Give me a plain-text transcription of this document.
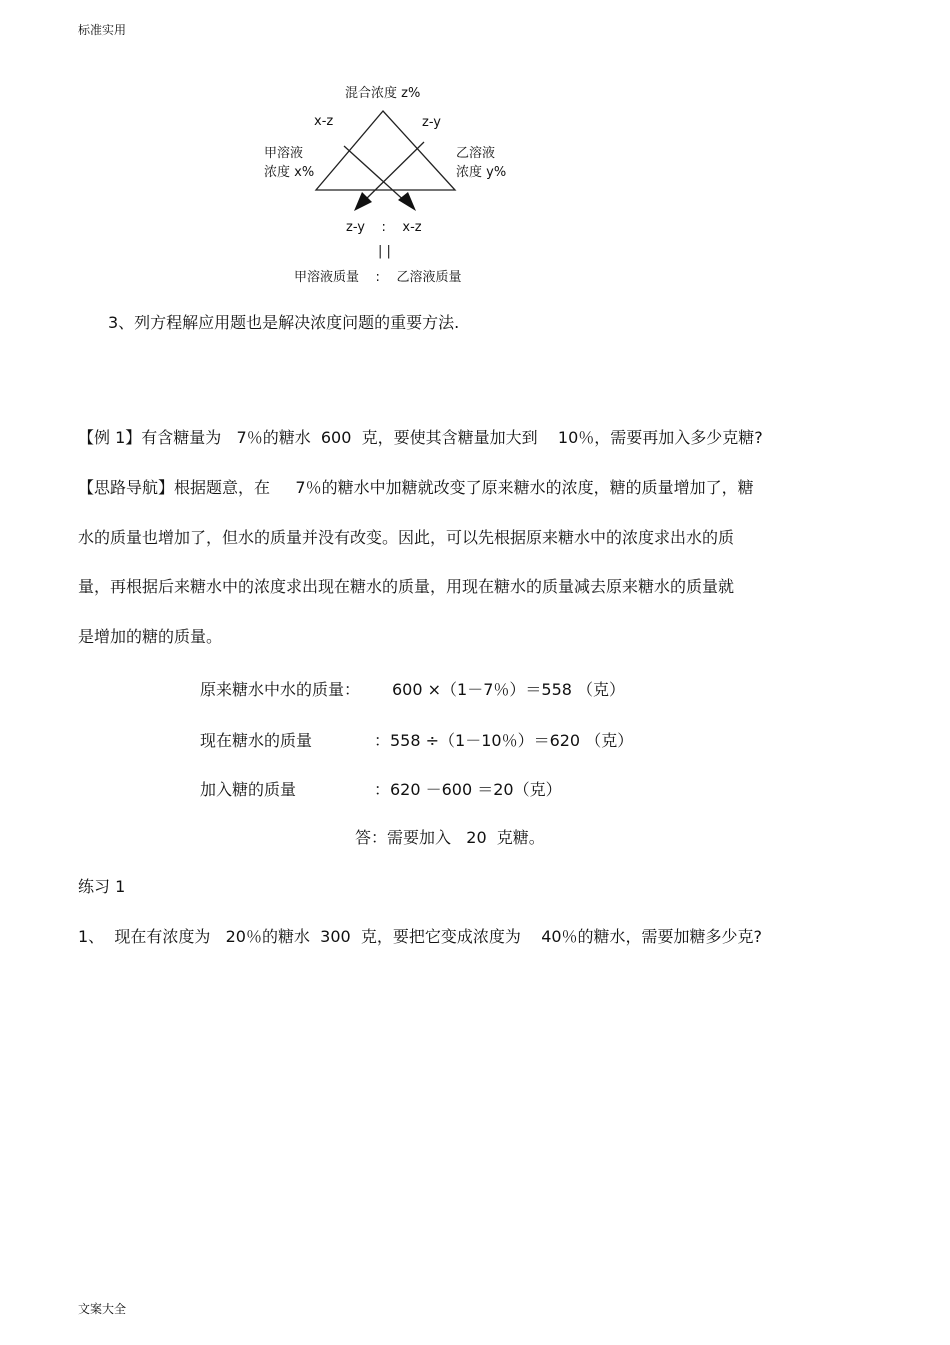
标准实用
混合浓度 z%
x-z	z-y
甲溶液
浓度 x%
乙溶液
浓度 y%
z-y    :    x-z
| |
甲溶液质量    :    乙溶液质量
3、列方程解应用题也是解决浓度问题的重要方法.
【例 1】有含糖量为   7％的糖水  600  克，要使其含糖量加大到    10％，需要再加入多少克糖?
【思路导航】根据题意，在     7％的糖水中加糖就改变了原来糖水的浓度，糖的质量增加了，糖
水的质量也增加了，但水的质量并没有改变。因此，可以先根据原来糖水中的浓度求出水的质
量，再根据后来糖水中的浓度求出现在糖水的质量，用现在糖水的质量减去原来糖水的质量就
是增加的糖的质量。
原来糖水中水的质量： 600 ×（1－7％）＝558 （克）
现在糖水的质量	：558 ÷（1－10％）＝620 （克）
加入糖的质量	：620 －600 ＝20（克）
答：需要加入   20  克糖。
练习 1
1、  现在有浓度为   20％的糖水  300  克，要把它变成浓度为    40％的糖水，需要加糖多少克?
文案大全
